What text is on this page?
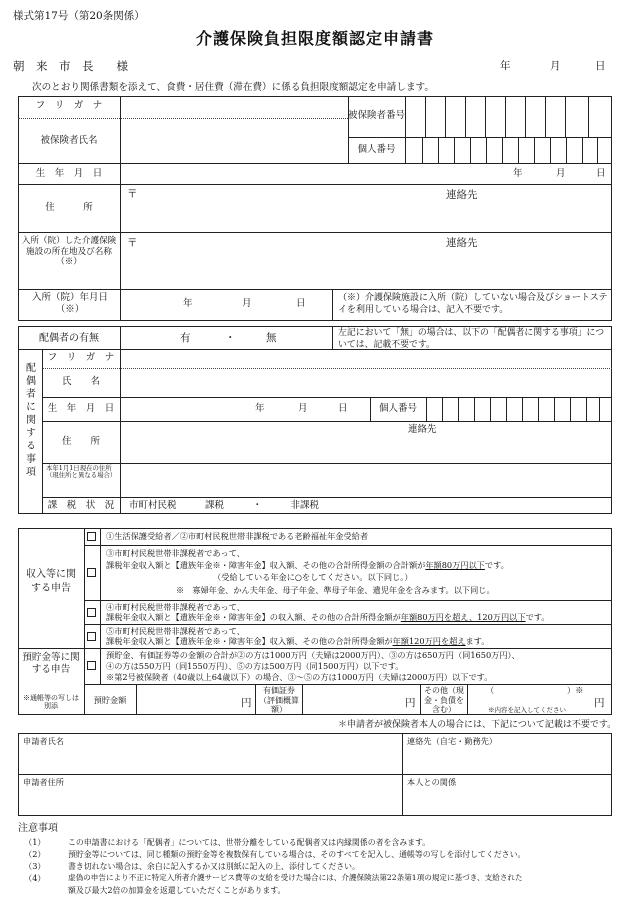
様式第17号（第20条関係）
介護保険負担限度額認定申請書
朝　来　市　長　　様	年	月	日
次のとおり関係書類を添えて、食費・居住費（滞在費）に係る負担限度額認定を申請します。
フ　リ　ガ　ナ
被保険者氏名
被保険者番号
個人番号
生　年　月　日	年	月	日
住　　　所
〒	連絡先
入所（院）した介護保険施設の所在地及び名称（※）
〒	連絡先
入所（院）年月日（※）
年	月	日	（※）介護保険施設に入所（院）していない場合及びショートステイを利用している場合は、記入不要です。
配偶者の有無	有	・	無	左記において「無」の場合は、以下の「配偶者に関する事項」については、記載不要です。
配偶者に関する事項
フ　リ　ガ　ナ
氏　　名
生　年　月　日	年	月	日	個人番号
住　　所
連絡先
本年1月1日現在の住所（現住所と異なる場合）
課　税　状　況	市町村民税　　　課税　　　・　　　非課税
収入等に関する申告
①生活保護受給者／②市町村民税世帯非課税である老齢福祉年金受給者
③市町村民税世帯非課税者であって、
課税年金収入額と【遺族年金※・障害年金】収入額、その他の合計所得金額の合計額が年額80万円以下です。
（受給している年金に○をしてください。以下同じ。）
※　寡婦年金、かん夫年金、母子年金、準母子年金、遺児年金を含みます。以下同じ。
④市町村民税世帯非課税者であって、
課税年金収入額と【遺族年金※・障害年金】の収入額、その他の合計所得金額が年額80万円を超え、120万円以下です。
⑤市町村民税世帯非課税者であって、
課税年金収入額と【遺族年金※・障害年金】収入額、その他の合計所得金額が年額120万円を超えます。
預貯金等に関する申告
※通帳等の写しは別添
預貯金、有価証券等の金額の合計が②の方は1000万円（夫婦は2000万円）、③の方は650万円（同1650万円）、
④の方は550万円（同1550万円）、⑤の方は500万円（同1500万円）以下です。
※第2号被保険者（40歳以上64歳以下）の場合、③～⑤の方は1000万円（夫婦は2000万円）以下です。
預貯金額	円
有価証券（評価概算額）
円
その他（現金・負債を含む）
（	）※
円
※内容を記入してください
＊申請者が被保険者本人の場合には、下記について記載は不要です。
申請者氏名	連絡先（自宅・勤務先）
申請者住所	本人との関係
注意事項
（1）	この申請書における「配偶者」については、世帯分離をしている配偶者又は内縁関係の者を含みます。
（2）	預貯金等については、同じ種類の預貯金等を複数保有している場合は、そのすべてを記入し、通帳等の写しを添付してください。
（3）	書き切れない場合は、余白に記入するか又は別紙に記入の上、添付してください。
（4）	虚偽の申告により不正に特定入所者介護サービス費等の支給を受けた場合には、介護保険法第22条第1項の規定に基づき、支給された
額及び最大2倍の加算金を返還していただくことがあります。
